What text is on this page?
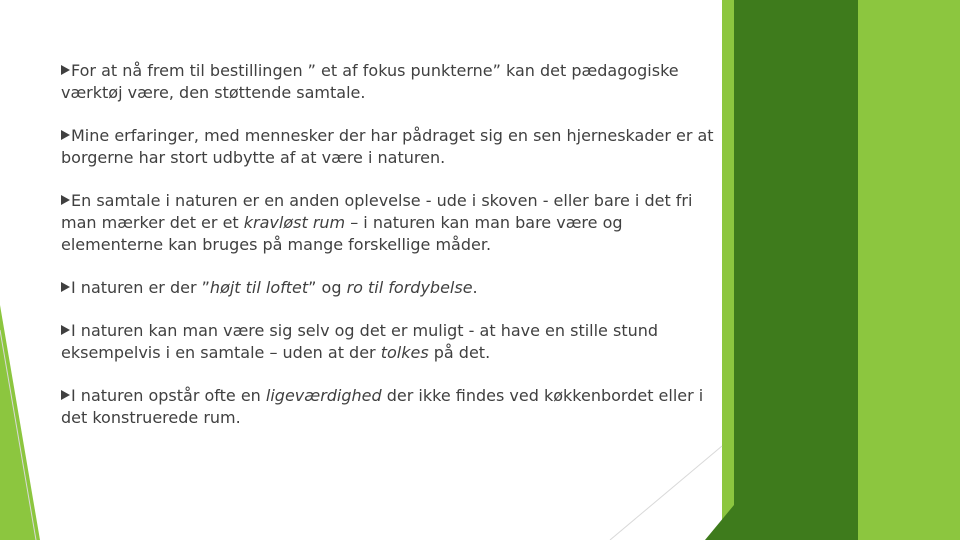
For at nå frem til bestillingen ” et af fokus punkterne” kan det pædagogiske værktøj være, den støttende samtale.
Mine erfaringer, med mennesker der har pådraget sig en sen hjerneskader er at borgerne har stort udbytte af at være i naturen.
En samtale i naturen er en anden oplevelse - ude i skoven - eller bare i det fri man mærker det er et kravløst rum – i naturen kan man bare være og elementerne kan bruges på mange forskellige måder.
I naturen er der ”højt til loftet” og ro til fordybelse.
I naturen kan man være sig selv og det er muligt - at have en stille stund eksempelvis i en samtale – uden at der tolkes på det.
I naturen opstår ofte en ligeværdighed der ikke findes ved køkkenbordet eller i det konstruerede rum.
